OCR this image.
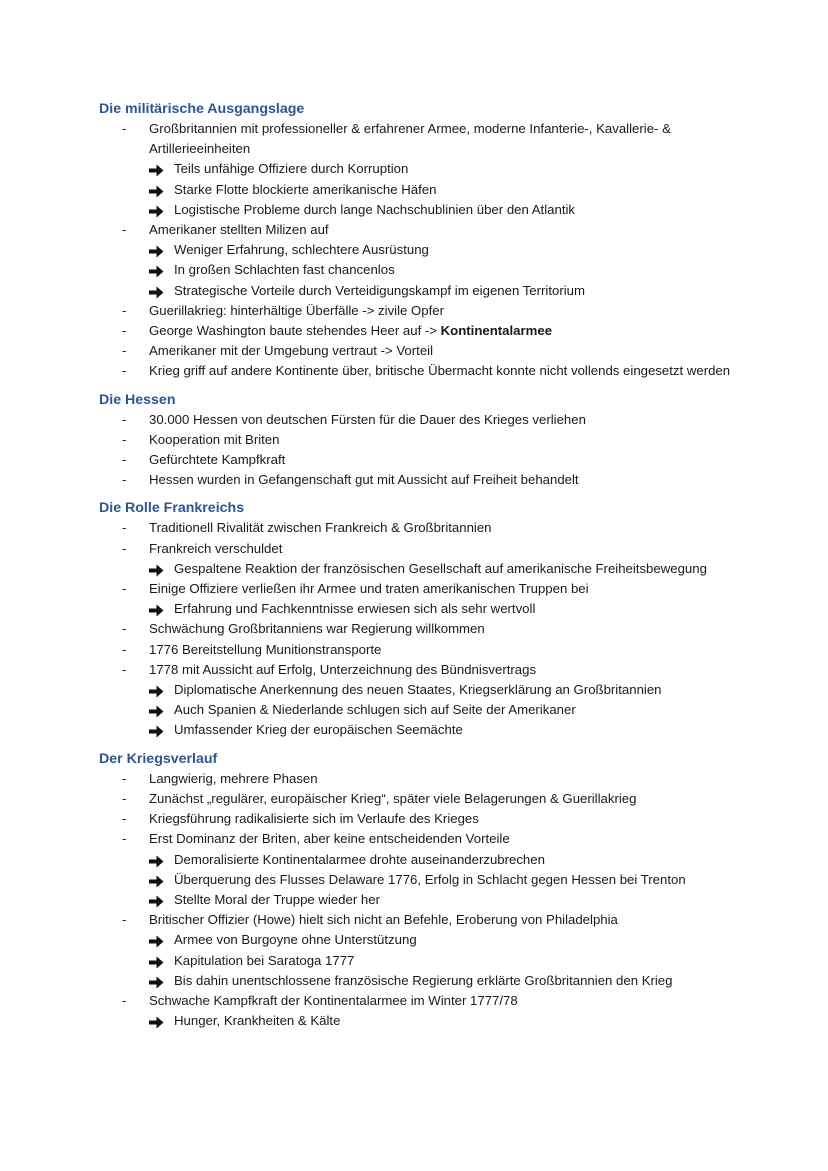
Die militärische Ausgangslage
- Großbritannien mit professioneller & erfahrener Armee, moderne Infanterie-, Kavallerie- & Artillerieeinheiten
Teils unfähige Offiziere durch Korruption
Starke Flotte blockierte amerikanische Häfen
Logistische Probleme durch lange Nachschublinien über den Atlantik
- Amerikaner stellten Milizen auf
Weniger Erfahrung, schlechtere Ausrüstung
In großen Schlachten fast chancenlos
Strategische Vorteile durch Verteidigungskampf im eigenen Territorium
- Guerillakrieg: hinterhältige Überfälle -> zivile Opfer
- George Washington baute stehendes Heer auf -> Kontinentalarmee
- Amerikaner mit der Umgebung vertraut -> Vorteil
- Krieg griff auf andere Kontinente über, britische Übermacht konnte nicht vollends eingesetzt werden
Die Hessen
- 30.000 Hessen von deutschen Fürsten für die Dauer des Krieges verliehen
- Kooperation mit Briten
- Gefürchtete Kampfkraft
- Hessen wurden in Gefangenschaft gut mit Aussicht auf Freiheit behandelt
Die Rolle Frankreichs
- Traditionell Rivalität zwischen Frankreich & Großbritannien
- Frankreich verschuldet
Gespaltene Reaktion der französischen Gesellschaft auf amerikanische Freiheitsbewegung
- Einige Offiziere verließen ihr Armee und traten amerikanischen Truppen bei
Erfahrung und Fachkenntnisse erwiesen sich als sehr wertvoll
- Schwächung Großbritanniens war Regierung willkommen
- 1776 Bereitstellung Munitionstransporte
- 1778 mit Aussicht auf Erfolg, Unterzeichnung des Bündnisvertrags
Diplomatische Anerkennung des neuen Staates, Kriegserklärung an Großbritannien
Auch Spanien & Niederlande schlugen sich auf Seite der Amerikaner
Umfassender Krieg der europäischen Seemächte
Der Kriegsverlauf
- Langwierig, mehrere Phasen
- Zunächst „regulärer, europäischer Krieg“, später viele Belagerungen & Guerillakrieg
- Kriegsführung radikalisierte sich im Verlaufe des Krieges
- Erst Dominanz der Briten, aber keine entscheidenden Vorteile
Demoralisierte Kontinentalarmee drohte auseinanderzubrechen
Überquerung des Flusses Delaware 1776, Erfolg in Schlacht gegen Hessen bei Trenton
Stellte Moral der Truppe wieder her
- Britischer Offizier (Howe) hielt sich nicht an Befehle, Eroberung von Philadelphia
Armee von Burgoyne ohne Unterstützung
Kapitulation bei Saratoga 1777
Bis dahin unentschlossene französische Regierung erklärte Großbritannien den Krieg
- Schwache Kampfkraft der Kontinentalarmee im Winter 1777/78
Hunger, Krankheiten & Kälte
